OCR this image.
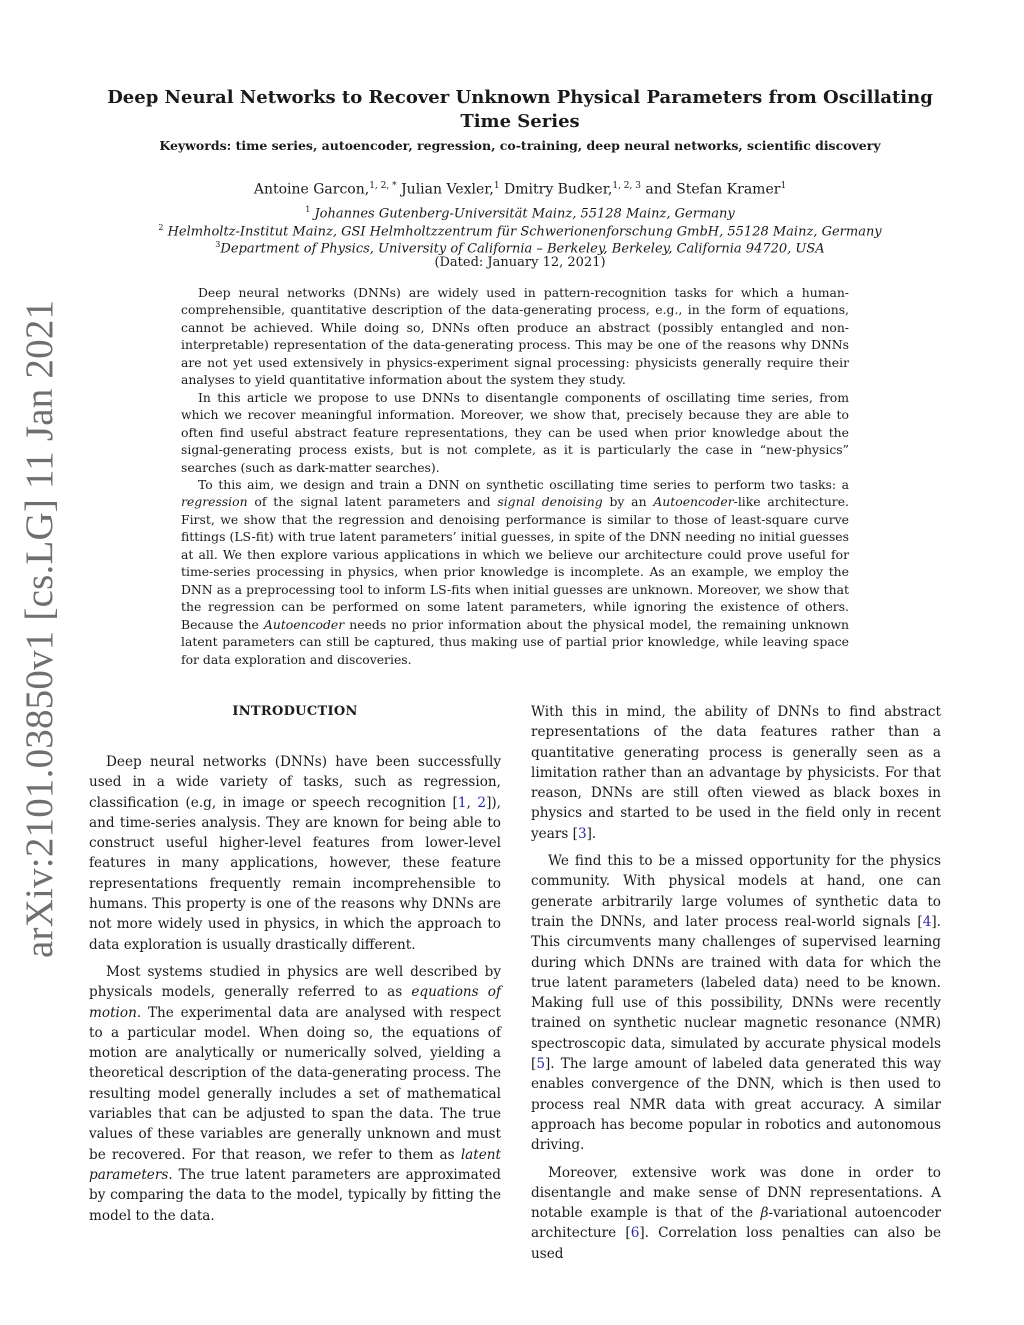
arXiv:2101.03850v1 [cs.LG] 11 Jan 2021
Deep Neural Networks to Recover Unknown Physical Parameters from Oscillating Time Series
Keywords: time series, autoencoder, regression, co-training, deep neural networks, scientific discovery
Antoine Garcon,$^{1, 2, *}$ Julian Vexler,$^1$ Dmitry Budker,$^{1, 2, 3}$ and Stefan Kramer$^1$
$^1$ Johannes Gutenberg-Universität Mainz, 55128 Mainz, Germany
$^2$ Helmholtz-Institut Mainz, GSI Helmholtzzentrum für Schwerionenforschung GmbH, 55128 Mainz, Germany
$^3$Department of Physics, University of California – Berkeley, Berkeley, California 94720, USA
(Dated: January 12, 2021)

Deep neural networks (DNNs) are widely used in pattern-recognition tasks for which a human-comprehensible, quantitative description of the data-generating process, e.g., in the form of equations, cannot be achieved. While doing so, DNNs often produce an abstract (possibly entangled and non-interpretable) representation of the data-generating process. This may be one of the reasons why DNNs are not yet used extensively in physics-experiment signal processing: physicists generally require their analyses to yield quantitative information about the system they study.

In this article we propose to use DNNs to disentangle components of oscillating time series, from which we recover meaningful information. Moreover, we show that, precisely because they are able to often find useful abstract feature representations, they can be used when prior knowledge about the signal-generating process exists, but is not complete, as it is particularly the case in “new-physics” searches (such as dark-matter searches).

To this aim, we design and train a DNN on synthetic oscillating time series to perform two tasks: a regression of the signal latent parameters and signal denoising by an Autoencoder-like architecture. First, we show that the regression and denoising performance is similar to those of least-square curve fittings (LS-fit) with true latent parameters’ initial guesses, in spite of the DNN needing no initial guesses at all. We then explore various applications in which we believe our architecture could prove useful for time-series processing in physics, when prior knowledge is incomplete. As an example, we employ the DNN as a preprocessing tool to inform LS-fits when initial guesses are unknown. Moreover, we show that the regression can be performed on some latent parameters, while ignoring the existence of others. Because the Autoencoder needs no prior information about the physical model, the remaining unknown latent parameters can still be captured, thus making use of partial prior knowledge, while leaving space for data exploration and discoveries.

INTRODUCTION

Deep neural networks (DNNs) have been successfully used in a wide variety of tasks, such as regression, classification (e.g, in image or speech recognition [1, 2]), and time-series analysis. They are known for being able to construct useful higher-level features from lower-level features in many applications, however, these feature representations frequently remain incomprehensible to humans. This property is one of the reasons why DNNs are not more widely used in physics, in which the approach to data exploration is usually drastically different.

Most systems studied in physics are well described by physicals models, generally referred to as equations of motion. The experimental data are analysed with respect to a particular model. When doing so, the equations of motion are analytically or numerically solved, yielding a theoretical description of the data-generating process. The resulting model generally includes a set of mathematical variables that can be adjusted to span the data. The true values of these variables are generally unknown and must be recovered. For that reason, we refer to them as latent parameters. The true latent parameters are approximated by comparing the data to the model, typically by fitting the model to the data.

With this in mind, the ability of DNNs to find abstract representations of the data features rather than a quantitative generating process is generally seen as a limitation rather than an advantage by physicists. For that reason, DNNs are still often viewed as black boxes in physics and started to be used in the field only in recent years [3].

We find this to be a missed opportunity for the physics community. With physical models at hand, one can generate arbitrarily large volumes of synthetic data to train the DNNs, and later process real-world signals [4]. This circumvents many challenges of supervised learning during which DNNs are trained with data for which the true latent parameters (labeled data) need to be known. Making full use of this possibility, DNNs were recently trained on synthetic nuclear magnetic resonance (NMR) spectroscopic data, simulated by accurate physical models [5]. The large amount of labeled data generated this way enables convergence of the DNN, which is then used to process real NMR data with great accuracy. A similar approach has become popular in robotics and autonomous driving.

Moreover, extensive work was done in order to disentangle and make sense of DNN representations. A notable example is that of the β-variational autoencoder architecture [6]. Correlation loss penalties can also be used
